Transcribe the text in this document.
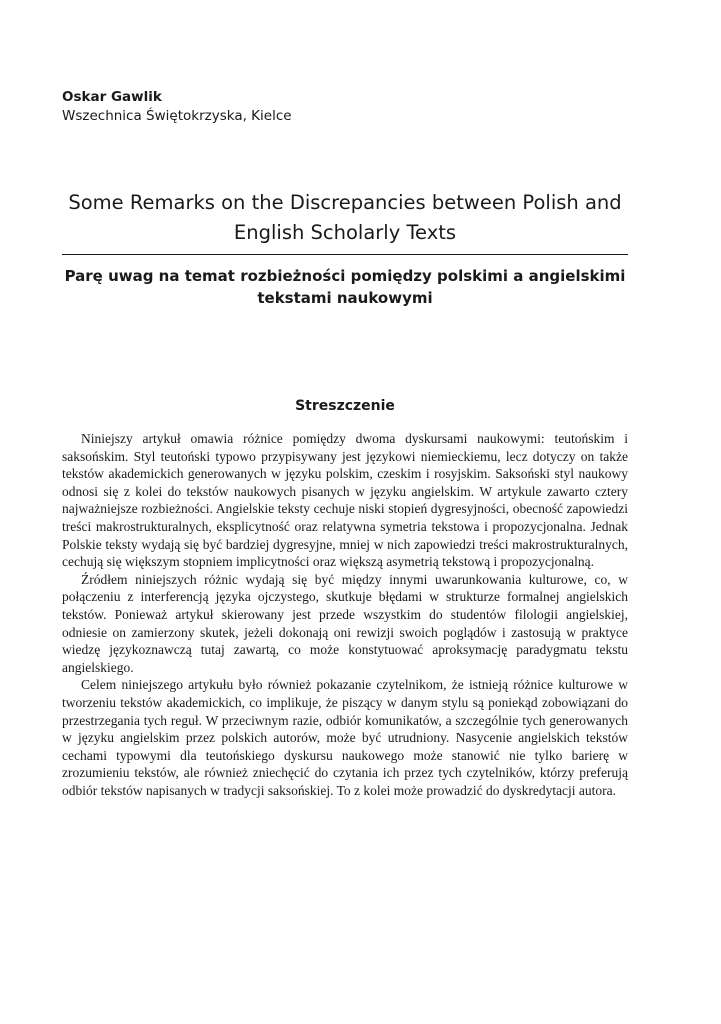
Oskar Gawlik
Wszechnica Świętokrzyska, Kielce
Some Remarks on the Discrepancies between Polish and English Scholarly Texts
Parę uwag na temat rozbieżności pomiędzy polskimi a angielskimi tekstami naukowymi
Streszczenie

Niniejszy artykuł omawia różnice pomiędzy dwoma dyskursami naukowymi: teutońskim i saksońskim. Styl teutoński typowo przypisywany jest językowi niemieckiemu, lecz dotyczy on także tekstów akademickich generowanych w języku polskim, czeskim i rosyjskim. Saksoński styl naukowy odnosi się z kolei do tekstów naukowych pisanych w języku angielskim. W artykule zawarto cztery najważniejsze rozbieżności. Angielskie teksty cechuje niski stopień dygresyjności, obecność zapowiedzi treści makrostrukturalnych, eksplicytność oraz relatywna symetria tekstowa i propozycjonalna. Jednak Polskie teksty wydają się być bardziej dygresyjne, mniej w nich zapowiedzi treści makrostrukturalnych, cechują się większym stopniem implicytności oraz większą asymetrią tekstową i propozycjonalną.

Źródłem niniejszych różnic wydają się być między innymi uwarunkowania kulturowe, co, w połączeniu z interferencją języka ojczystego, skutkuje błędami w strukturze formalnej angielskich tekstów. Ponieważ artykuł skierowany jest przede wszystkim do studentów filologii angielskiej, odniesie on zamierzony skutek, jeżeli dokonają oni rewizji swoich poglądów i zastosują w praktyce wiedzę językoznawczą tutaj zawartą, co może konstytuować aproksymację paradygmatu tekstu angielskiego.

Celem niniejszego artykułu było również pokazanie czytelnikom, że istnieją różnice kulturowe w tworzeniu tekstów akademickich, co implikuje, że piszący w danym stylu są poniekąd zobowiązani do przestrzegania tych reguł. W przeciwnym razie, odbiór komunikatów, a szczególnie tych generowanych w języku angielskim przez polskich autorów, może być utrudniony. Nasycenie angielskich tekstów cechami typowymi dla teutońskiego dyskursu naukowego może stanowić nie tylko barierę w zrozumieniu tekstów, ale również zniechęcić do czytania ich przez tych czytelników, którzy preferują odbiór tekstów napisanych w tradycji saksońskiej. To z kolei może prowadzić do dyskredytacji autora.
